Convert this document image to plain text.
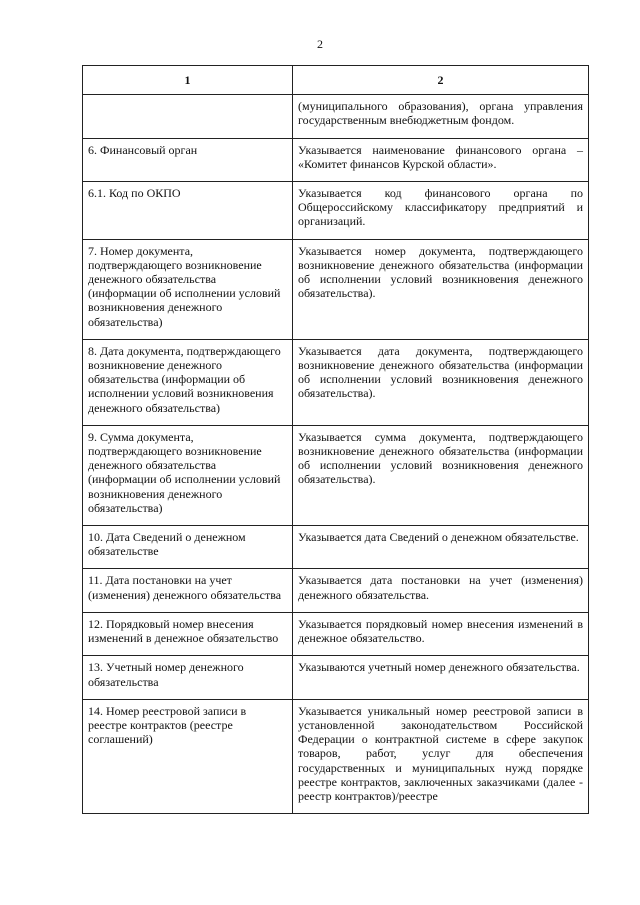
2
1	2
	(муниципального образования), органа управления государственным внебюджетным фондом.
6. Финансовый орган	Указывается наименование финансового органа – «Комитет финансов Курской области».
6.1. Код по ОКПО	Указывается код финансового органа по Общероссийскому классификатору предприятий и организаций.
7. Номер документа, подтверждающего возникновение денежного обязательства (информации об исполнении условий возникновения денежного обязательства)	Указывается номер документа, подтверждающего возникновение денежного обязательства (информации об исполнении условий возникновения денежного обязательства).
8. Дата документа, подтверждающего возникновение денежного обязательства (информации об исполнении условий возникновения денежного обязательства)	Указывается дата документа, подтверждающего возникновение денежного обязательства (информации об исполнении условий возникновения денежного обязательства).
9. Сумма документа, подтверждающего возникновение денежного обязательства (информации об исполнении условий возникновения денежного обязательства)	Указывается сумма документа, подтверждающего возникновение денежного обязательства (информации об исполнении условий возникновения денежного обязательства).
10. Дата Сведений о денежном обязательстве	Указывается дата Сведений о денежном обязательстве.
11. Дата постановки на учет (изменения) денежного обязательства	Указывается дата постановки на учет (изменения) денежного обязательства.
12. Порядковый номер внесения изменений в денежное обязательство	Указывается порядковый номер внесения изменений в денежное обязательство.
13. Учетный номер денежного обязательства	Указываются учетный номер денежного обязательства.
14. Номер реестровой записи в реестре контрактов (реестре соглашений)	Указывается уникальный номер реестровой записи в установленной законодательством Российской Федерации о контрактной системе в сфере закупок товаров, работ, услуг для обеспечения государственных и муниципальных нужд порядке реестре контрактов, заключенных заказчиками (далее - реестр контрактов)/реестре
